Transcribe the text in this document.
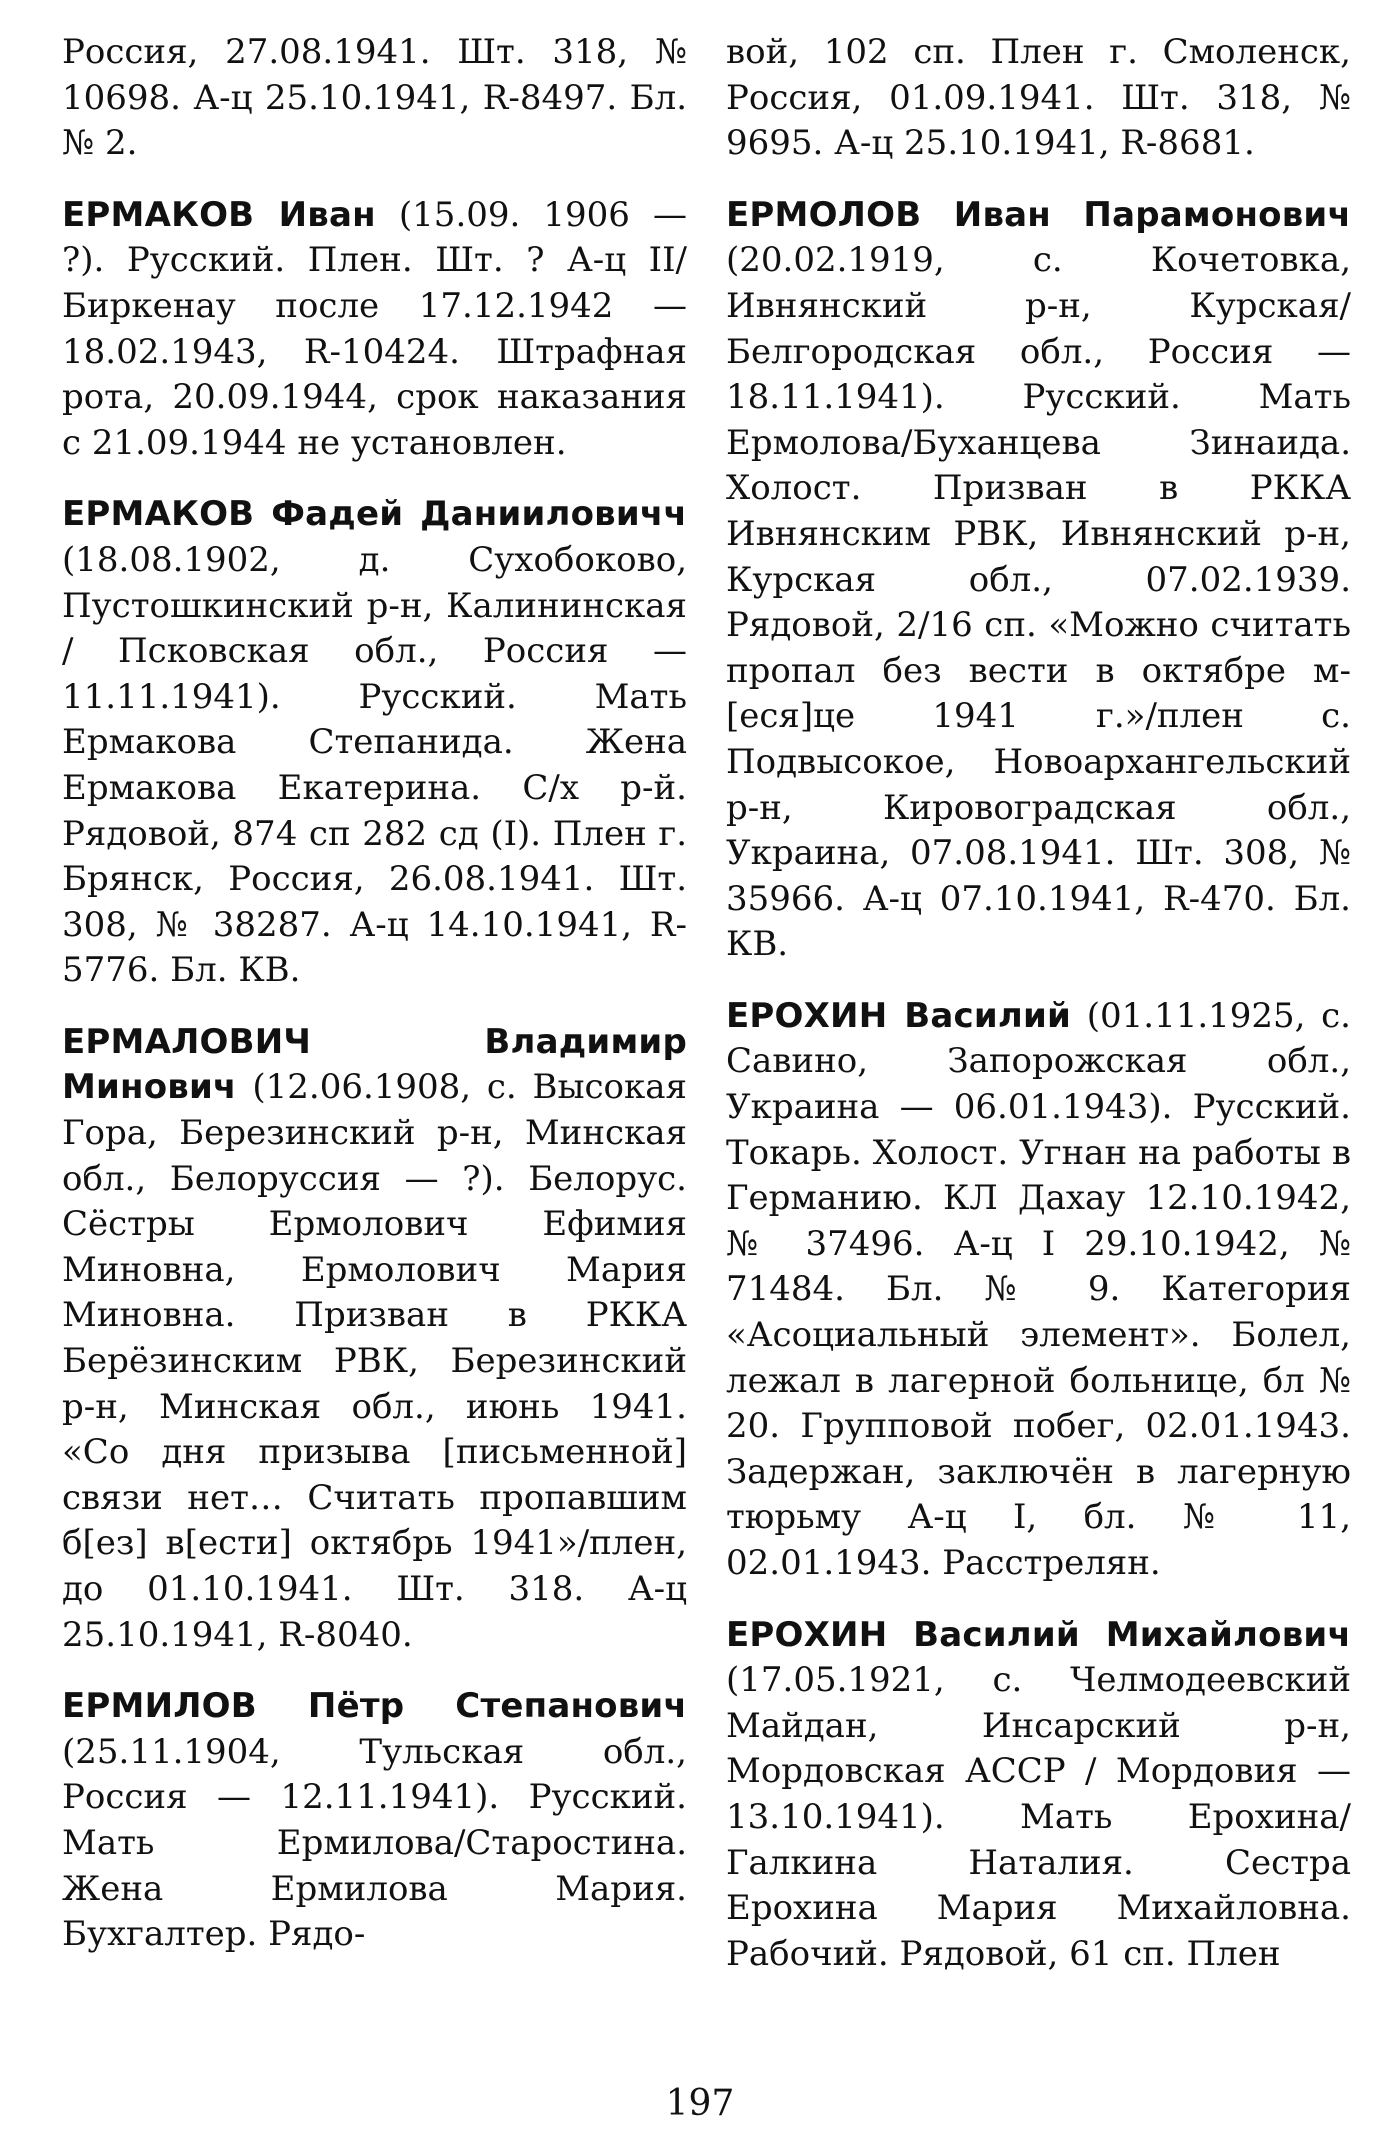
Россия, 27.08.1941. Шт. 318, № 10698. А-ц 25.10.1941, R-8497. Бл. № 2.

ЕРМАКОВ Иван (15.09. 1906 — ?). Русский. Плен. Шт. ? А-ц II/Биркенау после 17.12.1942 — 18.02.1943, R-10424. Штрафная рота, 20.09.1944, срок наказания с 21.09.1944 не установлен.

ЕРМАКОВ Фадей Данииловичч (18.08.1902, д. Сухобоково, Пустошкинский р-н, Калининская / Псковская обл., Россия — 11.11.1941). Русский. Мать Ермакова Степанида. Жена Ермакова Екатерина. С/х р-й. Рядовой, 874 сп 282 сд (I). Плен г. Брянск, Россия, 26.08.1941. Шт. 308, № 38287. А-ц 14.10.1941, R-5776. Бл. КВ.

ЕРМАЛОВИЧ Владимир Минович (12.06.1908, с. Высокая Гора, Березинский р-н, Минская обл., Белоруссия — ?). Белорус. Сёстры Ермолович Ефимия Миновна, Ермолович Мария Миновна. Призван в РККА Берёзинским РВК, Березинский р-н, Минская обл., июнь 1941. «Со дня призыва [письменной] связи нет… Считать пропавшим б[ез] в[ести] октябрь 1941»/плен, до 01.10.1941. Шт. 318. А-ц 25.10.1941, R-8040.

ЕРМИЛОВ Пётр Степанович (25.11.1904, Тульская обл., Россия — 12.11.1941). Русский. Мать Ермилова/Старостина. Жена Ермилова Мария. Бухгалтер. Рядо-

вой, 102 сп. Плен г. Смоленск, Россия, 01.09.1941. Шт. 318, № 9695. А-ц 25.10.1941, R-8681.

ЕРМОЛОВ Иван Парамонович (20.02.1919, с. Кочетовка, Ивнянский р-н, Курская/Белгородская обл., Россия — 18.11.1941). Русский. Мать Ермолова/Буханцева Зинаида. Холост. Призван в РККА Ивнянским РВК, Ивнянский р-н, Курская обл., 07.02.1939. Рядовой, 2/16 сп. «Можно считать пропал без вести в октябре м-[еся]це 1941 г.»/плен с. Подвысокое, Новоархангельский р-н, Кировоградская обл., Украина, 07.08.1941. Шт. 308, № 35966. А-ц 07.10.1941, R-470. Бл. КВ.

ЕРОХИН Василий (01.11.1925, с. Савино, Запорожская обл., Украина — 06.01.1943). Русский. Токарь. Холост. Угнан на работы в Германию. КЛ Дахау 12.10.1942, № 37496. А-ц I 29.10.1942, № 71484. Бл. № 9. Категория «Асоциальный элемент». Болел, лежал в лагерной больнице, бл № 20. Групповой побег, 02.01.1943. Задержан, заключён в лагерную тюрьму А-ц I, бл. № 11, 02.01.1943. Расстрелян.

ЕРОХИН Василий Михайлович (17.05.1921, с. Челмодеевский Майдан, Инсарский р-н, Мордовская АССР / Мордовия — 13.10.1941). Мать Ерохина/Галкина Наталия. Сестра Ерохина Мария Михайловна. Рабочий. Рядовой, 61 сп. Плен

197
